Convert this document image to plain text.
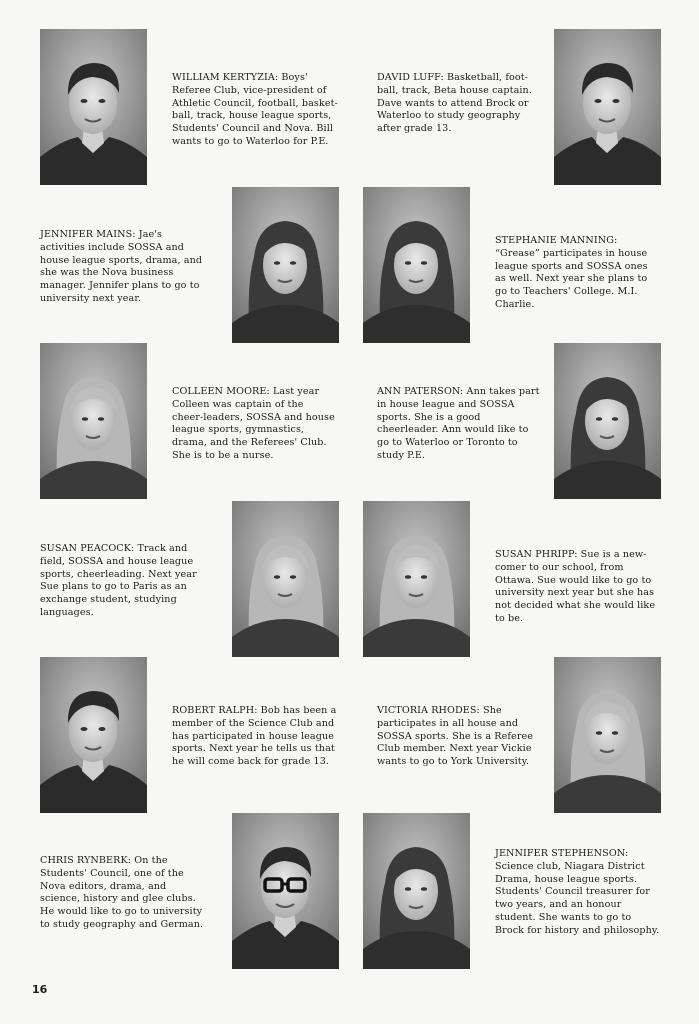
WILLIAM KERTYZIA: Boys' Referee Club, vice-president of Athletic Council, football, basket-ball, track, house league sports, Students' Council and Nova. Bill wants to go to Waterloo for P.E.
DAVID LUFF: Basketball, foot-ball, track, Beta house captain. Dave wants to attend Brock or Waterloo to study geography after grade 13.
JENNIFER MAINS: Jae's activities include SOSSA and house league sports, drama, and she was the Nova business manager. Jennifer plans to go to university next year.
STEPHANIE MANNING: “Grease” participates in house league sports and SOSSA ones as well. Next year she plans to go to Teachers' College. M.I. Charlie.
COLLEEN MOORE: Last year Colleen was captain of the cheer-leaders, SOSSA and house league sports, gymnastics, drama, and the Referees' Club. She is to be a nurse.
ANN PATERSON: Ann takes part in house league and SOSSA sports. She is a good cheerleader. Ann would like to go to Waterloo or Toronto to study P.E.
SUSAN PEACOCK: Track and field, SOSSA and house league sports, cheerleading. Next year Sue plans to go to Paris as an exchange student, studying languages.
SUSAN PHRIPP: Sue is a new-comer to our school, from Ottawa. Sue would like to go to university next year but she has not decided what she would like to be.
ROBERT RALPH: Bob has been a member of the Science Club and has participated in house league sports. Next year he tells us that he will come back for grade 13.
VICTORIA RHODES: She participates in all house and SOSSA sports. She is a Referee Club member. Next year Vickie wants to go to York University.
CHRIS RYNBERK: On the Students' Council, one of the Nova editors, drama, and science, history and glee clubs. He would like to go to university to study geography and German.
JENNIFER STEPHENSON: Science club, Niagara District Drama, house league sports. Students' Council treasurer for two years, and an honour student. She wants to go to Brock for history and philosophy.
16
